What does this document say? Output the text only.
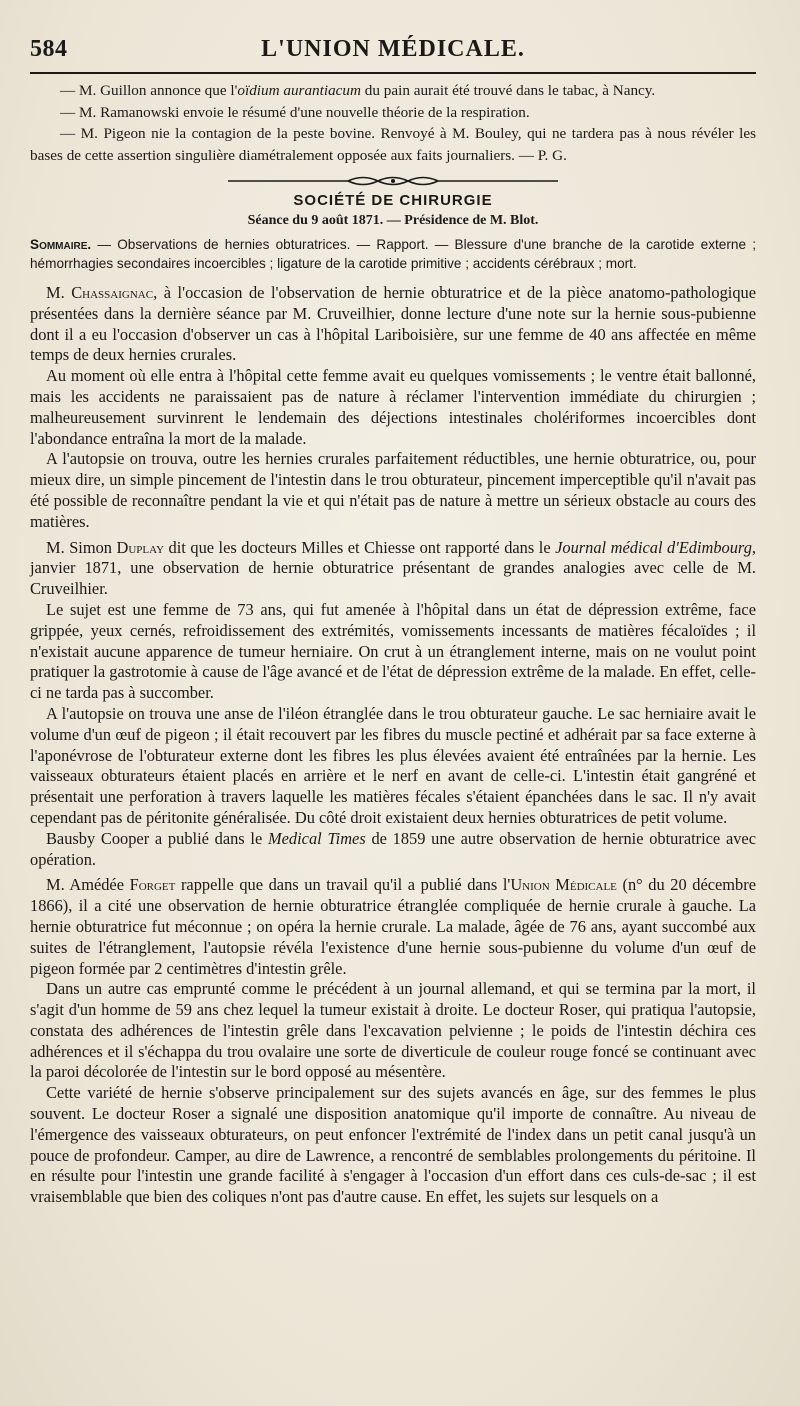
584	L'UNION MÉDICALE.

— M. Guillon annonce que l'oïdium aurantiacum du pain aurait été trouvé dans le tabac, à Nancy.

— M. Ramanowski envoie le résumé d'une nouvelle théorie de la respiration.

— M. Pigeon nie la contagion de la peste bovine. Renvoyé à M. Bouley, qui ne tardera pas à nous révéler les bases de cette assertion singulière diamétralement opposée aux faits journaliers. — P. G.

SOCIÉTÉ DE CHIRURGIE
Séance du 9 août 1871. — Présidence de M. Blot.
Sommaire. — Observations de hernies obturatrices. — Rapport. — Blessure d'une branche de la carotide externe ; hémorrhagies secondaires incoercibles ; ligature de la carotide primitive ; accidents cérébraux ; mort.

M. Chassaignac, à l'occasion de l'observation de hernie obturatrice et de la pièce anatomo-pathologique présentées dans la dernière séance par M. Cruveilhier, donne lecture d'une note sur la hernie sous-pubienne dont il a eu l'occasion d'observer un cas à l'hôpital Lariboisière, sur une femme de 40 ans affectée en même temps de deux hernies crurales.

Au moment où elle entra à l'hôpital cette femme avait eu quelques vomissements ; le ventre était ballonné, mais les accidents ne paraissaient pas de nature à réclamer l'intervention immédiate du chirurgien ; malheureusement survinrent le lendemain des déjections intestinales cholériformes incoercibles dont l'abondance entraîna la mort de la malade.

A l'autopsie on trouva, outre les hernies crurales parfaitement réductibles, une hernie obturatrice, ou, pour mieux dire, un simple pincement de l'intestin dans le trou obturateur, pincement imperceptible qu'il n'avait pas été possible de reconnaître pendant la vie et qui n'était pas de nature à mettre un sérieux obstacle au cours des matières.

M. Simon Duplay dit que les docteurs Milles et Chiesse ont rapporté dans le Journal médical d'Edimbourg, janvier 1871, une observation de hernie obturatrice présentant de grandes analogies avec celle de M. Cruveilhier.

Le sujet est une femme de 73 ans, qui fut amenée à l'hôpital dans un état de dépression extrême, face grippée, yeux cernés, refroidissement des extrémités, vomissements incessants de matières fécaloïdes ; il n'existait aucune apparence de tumeur herniaire. On crut à un étranglement interne, mais on ne voulut point pratiquer la gastrotomie à cause de l'âge avancé et de l'état de dépression extrême de la malade. En effet, celle-ci ne tarda pas à succomber.

A l'autopsie on trouva une anse de l'iléon étranglée dans le trou obturateur gauche. Le sac herniaire avait le volume d'un œuf de pigeon ; il était recouvert par les fibres du muscle pectiné et adhérait par sa face externe à l'aponévrose de l'obturateur externe dont les fibres les plus élevées avaient été entraînées par la hernie. Les vaisseaux obturateurs étaient placés en arrière et le nerf en avant de celle-ci. L'intestin était gangréné et présentait une perforation à travers laquelle les matières fécales s'étaient épanchées dans le sac. Il n'y avait cependant pas de péritonite généralisée. Du côté droit existaient deux hernies obturatrices de petit volume.

Bausby Cooper a publié dans le Medical Times de 1859 une autre observation de hernie obturatrice avec opération.

M. Amédée Forget rappelle que dans un travail qu'il a publié dans l'Union Médicale (n° du 20 décembre 1866), il a cité une observation de hernie obturatrice étranglée compliquée de hernie crurale à gauche. La hernie obturatrice fut méconnue ; on opéra la hernie crurale. La malade, âgée de 76 ans, ayant succombé aux suites de l'étranglement, l'autopsie révéla l'existence d'une hernie sous-pubienne du volume d'un œuf de pigeon formée par 2 centimètres d'intestin grêle.

Dans un autre cas emprunté comme le précédent à un journal allemand, et qui se termina par la mort, il s'agit d'un homme de 59 ans chez lequel la tumeur existait à droite. Le docteur Roser, qui pratiqua l'autopsie, constata des adhérences de l'intestin grêle dans l'excavation pelvienne ; le poids de l'intestin déchira ces adhérences et il s'échappa du trou ovalaire une sorte de diverticule de couleur rouge foncé se continuant avec la paroi décolorée de l'intestin sur le bord opposé au mésentère.

Cette variété de hernie s'observe principalement sur des sujets avancés en âge, sur des femmes le plus souvent. Le docteur Roser a signalé une disposition anatomique qu'il importe de connaître. Au niveau de l'émergence des vaisseaux obturateurs, on peut enfoncer l'extrémité de l'index dans un petit canal jusqu'à un pouce de profondeur. Camper, au dire de Lawrence, a rencontré de semblables prolongements du péritoine. Il en résulte pour l'intestin une grande facilité à s'engager à l'occasion d'un effort dans ces culs-de-sac ; il est vraisemblable que bien des coliques n'ont pas d'autre cause. En effet, les sujets sur lesquels on a
